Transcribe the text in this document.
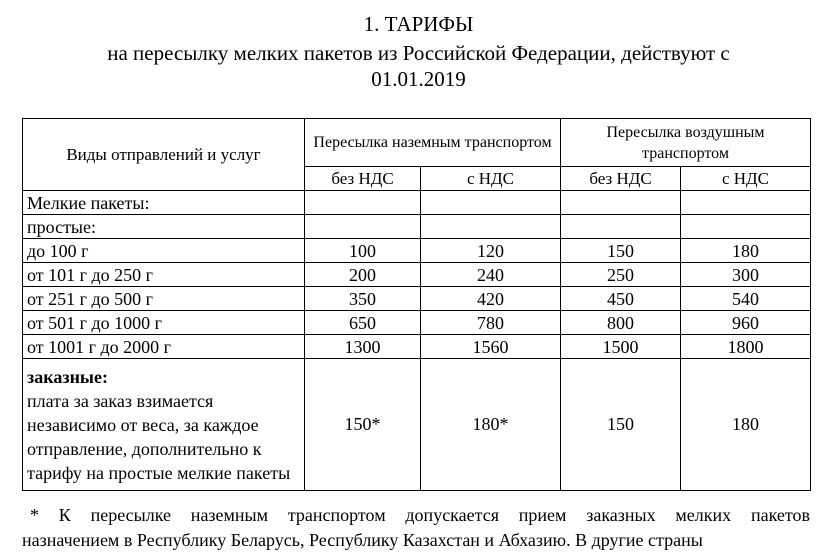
1. ТАРИФЫ

на пересылку мелких пакетов из Российской Федерации, действуют с

01.01.2019

Виды отправлений и услуг	Пересылка наземным транспортом		Пересылка воздушным транспортом	
	без НДС	с НДС	без НДС	с НДС
Мелкие пакеты:				
простые:				
до 100 г	100	120	150	180
от 101 г до 250 г	200	240	250	300
от 251 г до 500 г	350	420	450	540
от 501 г до 1000 г	650	780	800	960
от 1001 г до 2000 г	1300	1560	1500	1800

заказные:
плата за заказ взимается независимо от веса, за каждое отправление, дополнительно к тарифу на простые мелкие пакеты	150*	180*	150	180
* К пересылке наземным транспортом допускается прием заказных мелких пакетов
назначением в Республику Беларусь, Республику Казахстан и Абхазию. В другие страны
